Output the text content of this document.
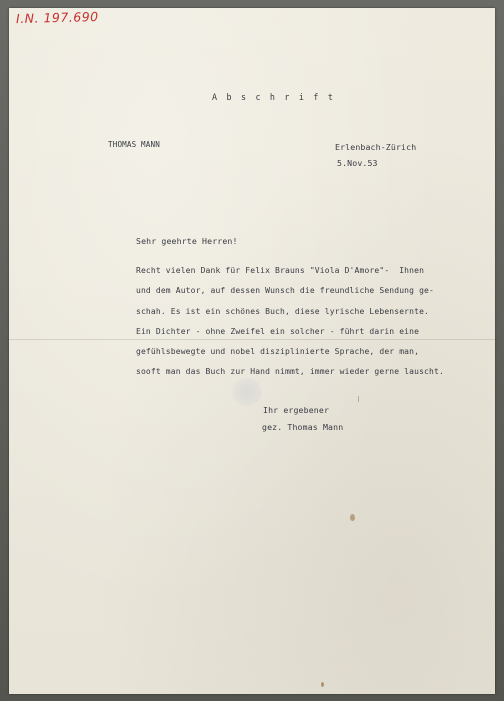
I.N. 197.690
A b s c h r i f t
THOMAS MANN	Erlenbach-Zürich
5.Nov.53
Sehr geehrte Herren!
Recht vielen Dank für Felix Brauns "Viola D'Amore"-  Ihnen
und dem Autor, auf dessen Wunsch die freundliche Sendung ge-
schah. Es ist ein schönes Buch, diese lyrische Lebensernte.
Ein Dichter - ohne Zweifel ein solcher - führt darin eine
gefühlsbewegte und nobel disziplinierte Sprache, der man,
sooft man das Buch zur Hand nimmt, immer wieder gerne lauscht.
Ihr ergebener
gez. Thomas Mann
